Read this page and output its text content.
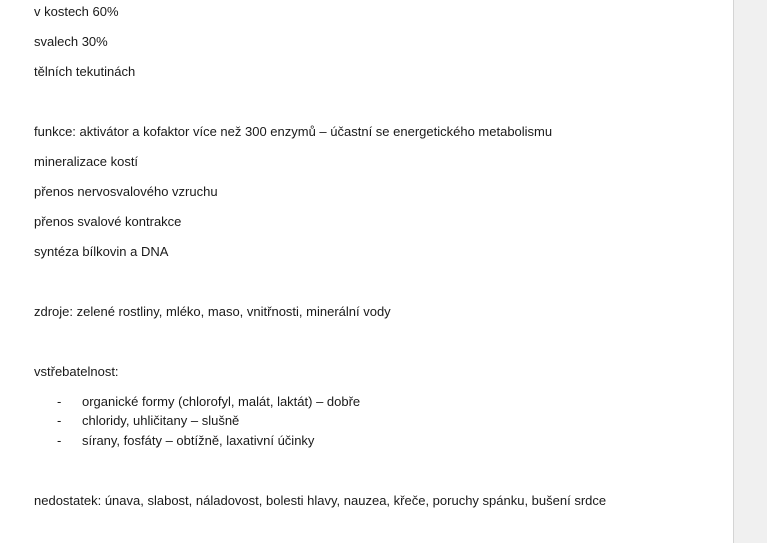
v kostech 60%
svalech 30%
tělních tekutinách
funkce: aktivátor a kofaktor více než 300 enzymů – účastní se energetického metabolismu
mineralizace kostí
přenos nervosvalového vzruchu
přenos svalové kontrakce
syntéza bílkovin a DNA
zdroje: zelené rostliny, mléko, maso, vnitřnosti, minerální vody
vstřebatelnost:
- organické formy (chlorofyl, malát, laktát) – dobře
- chloridy, uhličitany – slušně
- sírany, fosfáty – obtížně, laxativní účinky
nedostatek: únava, slabost, náladovost, bolesti hlavy, nauzea, křeče, poruchy spánku, bušení srdce
